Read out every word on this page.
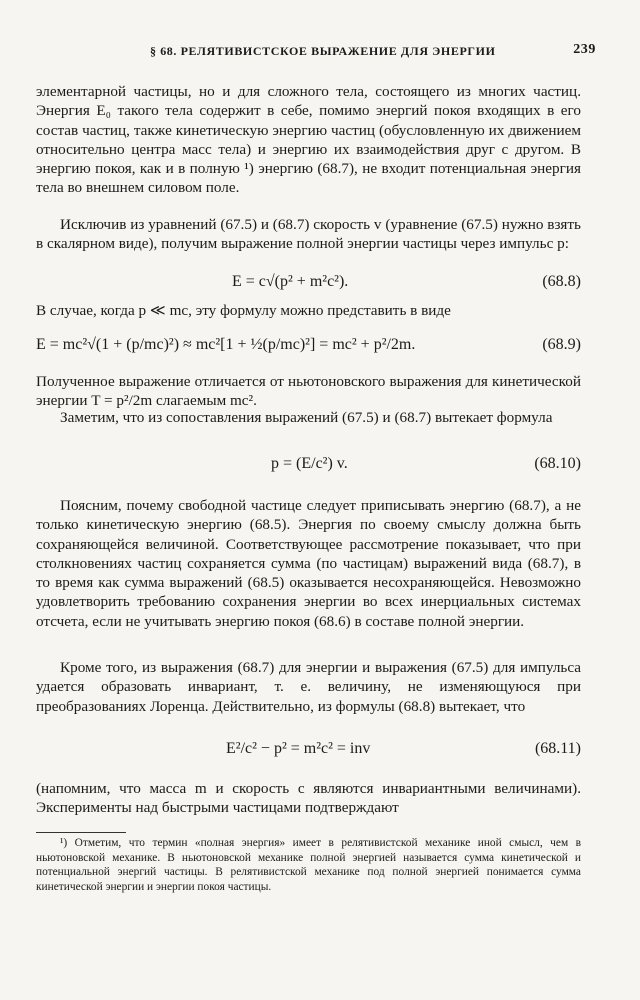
§ 68. РЕЛЯТИВИСТСКОЕ ВЫРАЖЕНИЕ ДЛЯ ЭНЕРГИИ	239

элементарной частицы, но и для сложного тела, состоящего из многих частиц. Энергия E₀ такого тела содержит в себе, помимо энергий покоя входящих в его состав частиц, также кинетическую энергию частиц (обусловленную их движением относительно центра масс тела) и энергию их взаимодействия друг с другом. В энергию покоя, как и в полную ¹) энергию (68.7), не входит потенциальная энергия тела во внешнем силовом поле.

Исключив из уравнений (67.5) и (68.7) скорость v (уравнение (67.5) нужно взять в скалярном виде), получим выражение полной энергии частицы через импульс p:

E = c√(p² + m²c²).	(68.8)

В случае, когда p ≪ mc, эту формулу можно представить в виде

E = mc²√(1 + (p/mc)²) ≈ mc²[1 + ½(p/mc)²] = mc² + p²/2m.	(68.9)

Полученное выражение отличается от ньютоновского выражения для кинетической энергии T = p²/2m слагаемым mc².

Заметим, что из сопоставления выражений (67.5) и (68.7) вытекает формула

p = (E/c²) v.	(68.10)

Поясним, почему свободной частице следует приписывать энергию (68.7), а не только кинетическую энергию (68.5). Энергия по своему смыслу должна быть сохраняющейся величиной. Соответствующее рассмотрение показывает, что при столкновениях частиц сохраняется сумма (по частицам) выражений вида (68.7), в то время как сумма выражений (68.5) оказывается несохраняющейся. Невозможно удовлетворить требованию сохранения энергии во всех инерциальных системах отсчета, если не учитывать энергию покоя (68.6) в составе полной энергии.

Кроме того, из выражения (68.7) для энергии и выражения (67.5) для импульса удается образовать инвариант, т. е. величину, не изменяющуюся при преобразованиях Лоренца. Действительно, из формулы (68.8) вытекает, что

E²/c² − p² = m²c² = inv	(68.11)

(напомним, что масса m и скорость c являются инвариантными величинами). Эксперименты над быстрыми частицами подтверждают

¹) Отметим, что термин «полная энергия» имеет в релятивистской механике иной смысл, чем в ньютоновской механике. В ньютоновской механике полной энергией называется сумма кинетической и потенциальной энергий частицы. В релятивистской механике под полной энергией понимается сумма кинетической энергии и энергии покоя частицы.
